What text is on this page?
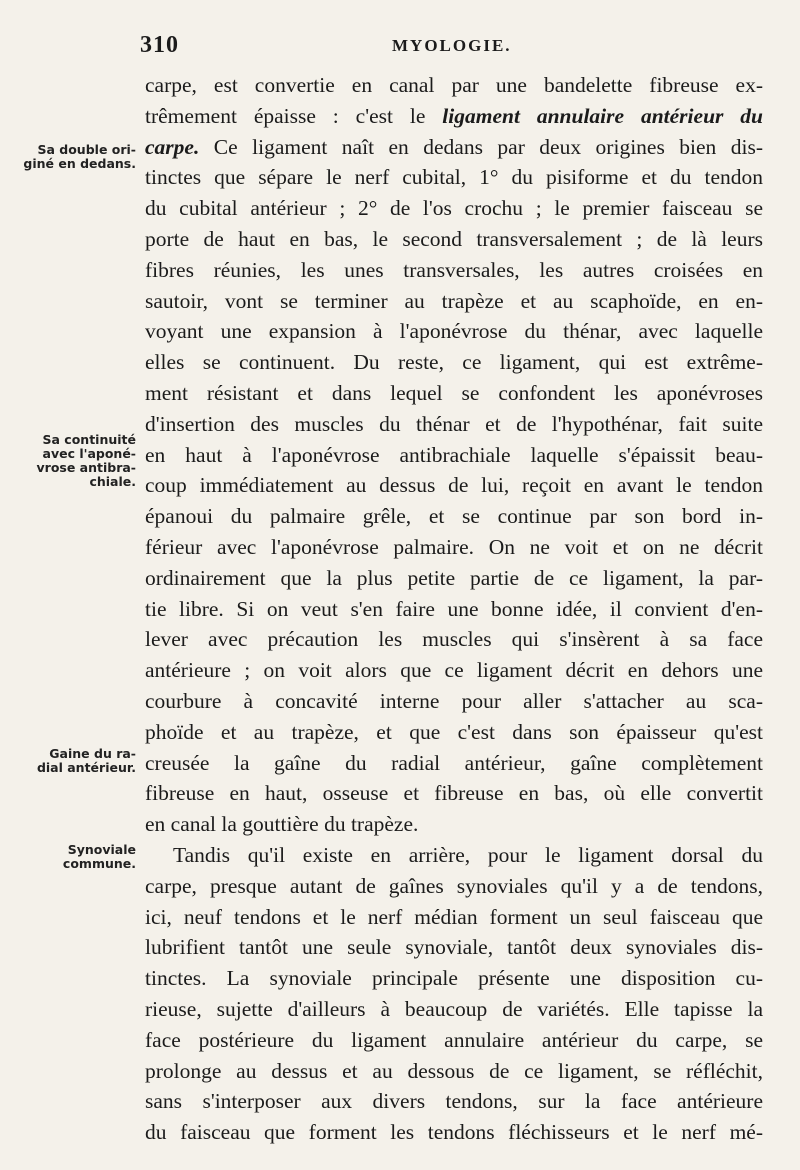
310	MYOLOGIE.
Sa double ori-
giné en dedans.
Sa continuité
avec l'aponé-
vrose antibra-
chiale.
Gaine du ra-
dial antérieur.
Synoviale
commune.
carpe, est convertie en canal par une bandelette fibreuse ex-
trêmement épaisse : c'est le ligament annulaire antérieur du
carpe. Ce ligament naît en dedans par deux origines bien dis-
tinctes que sépare le nerf cubital, 1° du pisiforme et du tendon
du cubital antérieur ; 2° de l'os crochu ; le premier faisceau se
porte de haut en bas, le second transversalement ; de là leurs
fibres réunies, les unes transversales, les autres croisées en
sautoir, vont se terminer au trapèze et au scaphoïde, en en-
voyant une expansion à l'aponévrose du thénar, avec laquelle
elles se continuent. Du reste, ce ligament, qui est extrême-
ment résistant et dans lequel se confondent les aponévroses
d'insertion des muscles du thénar et de l'hypothénar, fait suite
en haut à l'aponévrose antibrachiale laquelle s'épaissit beau-
coup immédiatement au dessus de lui, reçoit en avant le tendon
épanoui du palmaire grêle, et se continue par son bord in-
férieur avec l'aponévrose palmaire. On ne voit et on ne décrit
ordinairement que la plus petite partie de ce ligament, la par-
tie libre. Si on veut s'en faire une bonne idée, il convient d'en-
lever avec précaution les muscles qui s'insèrent à sa face
antérieure ; on voit alors que ce ligament décrit en dehors une
courbure à concavité interne pour aller s'attacher au sca-
phoïde et au trapèze, et que c'est dans son épaisseur qu'est
creusée la gaîne du radial antérieur, gaîne complètement
fibreuse en haut, osseuse et fibreuse en bas, où elle convertit
en canal la gouttière du trapèze.
Tandis qu'il existe en arrière, pour le ligament dorsal du
carpe, presque autant de gaînes synoviales qu'il y a de tendons,
ici, neuf tendons et le nerf médian forment un seul faisceau que
lubrifient tantôt une seule synoviale, tantôt deux synoviales dis-
tinctes. La synoviale principale présente une disposition cu-
rieuse, sujette d'ailleurs à beaucoup de variétés. Elle tapisse la
face postérieure du ligament annulaire antérieur du carpe, se
prolonge au dessus et au dessous de ce ligament, se réfléchit,
sans s'interposer aux divers tendons, sur la face antérieure
du faisceau que forment les tendons fléchisseurs et le nerf mé-
